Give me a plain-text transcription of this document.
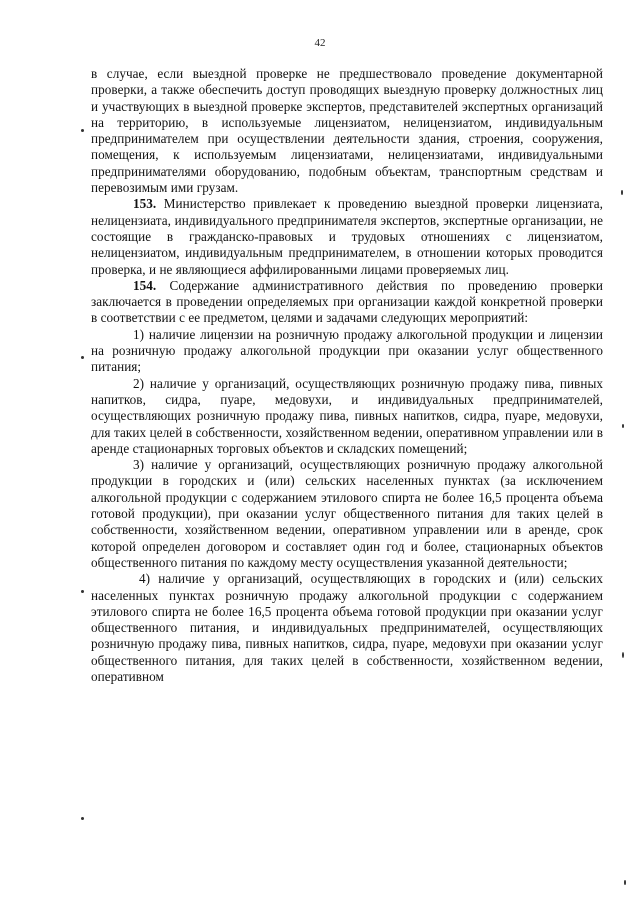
42

в случае, если выездной проверке не предшествовало проведение документарной проверки, а также обеспечить доступ проводящих выездную проверку должностных лиц и участвующих в выездной проверке экспертов, представителей экспертных организаций на территорию, в используемые лицензиатом, нелицензиатом, индивидуальным предпринимателем при осуществлении деятельности здания, строения, сооружения, помещения, к используемым лицензиатами, нелицензиатами, индивидуальными предпринимателями оборудованию, подобным объектам, транспортным средствам и перевозимым ими грузам.

153. Министерство привлекает к проведению выездной проверки лицензиата, нелицензиата, индивидуального предпринимателя экспертов, экспертные организации, не состоящие в гражданско-правовых и трудовых отношениях с лицензиатом, нелицензиатом, индивидуальным предпринимателем, в отношении которых проводится проверка, и не являющиеся аффилированными лицами проверяемых лиц.

154. Содержание административного действия по проведению проверки заключается в проведении определяемых при организации каждой конкретной проверки в соответствии с ее предметом, целями и задачами следующих мероприятий:

1) наличие лицензии на розничную продажу алкогольной продукции и лицензии на розничную продажу алкогольной продукции при оказании услуг общественного питания;

2) наличие у организаций, осуществляющих розничную продажу пива, пивных напитков, сидра, пуаре, медовухи, и индивидуальных предпринимателей, осуществляющих розничную продажу пива, пивных напитков, сидра, пуаре, медовухи, для таких целей в собственности, хозяйственном ведении, оперативном управлении или в аренде стационарных торговых объектов и складских помещений;

3) наличие у организаций, осуществляющих розничную продажу алкогольной продукции в городских и (или) сельских населенных пунктах (за исключением алкогольной продукции с содержанием этилового спирта не более 16,5 процента объема готовой продукции), при оказании услуг общественного питания для таких целей в собственности, хозяйственном ведении, оперативном управлении или в аренде, срок которой определен договором и составляет один год и более, стационарных объектов общественного питания по каждому месту осуществления указанной деятельности;

4) наличие у организаций, осуществляющих в городских и (или) сельских населенных пунктах розничную продажу алкогольной продукции с содержанием этилового спирта не более 16,5 процента объема готовой продукции при оказании услуг общественного питания, и индивидуальных предпринимателей, осуществляющих розничную продажу пива, пивных напитков, сидра, пуаре, медовухи при оказании услуг общественного питания, для таких целей в собственности, хозяйственном ведении, оперативном
